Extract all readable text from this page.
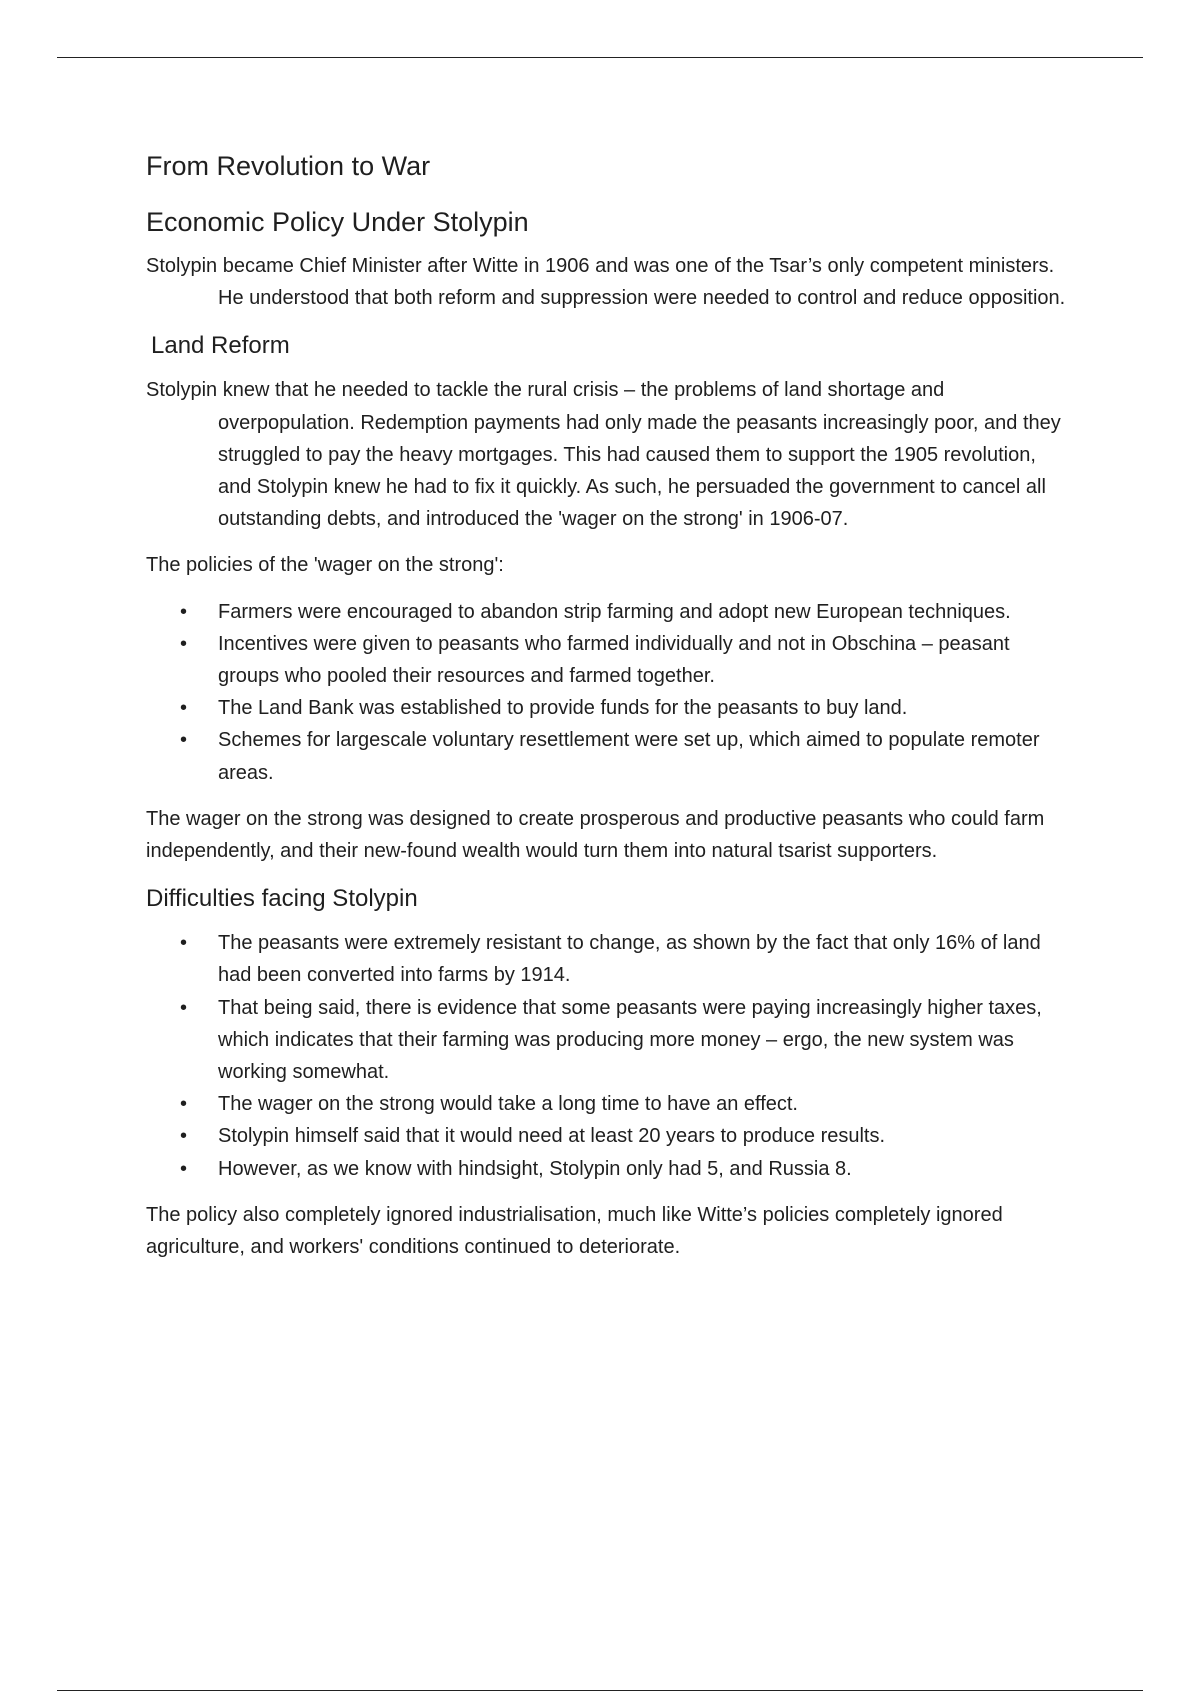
From Revolution to War
Economic Policy Under Stolypin

Stolypin became Chief Minister after Witte in 1906 and was one of the Tsar’s only competent ministers. He understood that both reform and suppression were needed to control and reduce opposition.

Land Reform

Stolypin knew that he needed to tackle the rural crisis – the problems of land shortage and overpopulation. Redemption payments had only made the peasants increasingly poor, and they struggled to pay the heavy mortgages. This had caused them to support the 1905 revolution, and Stolypin knew he had to fix it quickly. As such, he persuaded the government to cancel all outstanding debts, and introduced the 'wager on the strong' in 1906-07.

The policies of the 'wager on the strong':

• Farmers were encouraged to abandon strip farming and adopt new European techniques.
• Incentives were given to peasants who farmed individually and not in Obschina – peasant groups who pooled their resources and farmed together.
• The Land Bank was established to provide funds for the peasants to buy land.
• Schemes for largescale voluntary resettlement were set up, which aimed to populate remoter areas.

The wager on the strong was designed to create prosperous and productive peasants who could farm independently, and their new-found wealth would turn them into natural tsarist supporters.

Difficulties facing Stolypin
• The peasants were extremely resistant to change, as shown by the fact that only 16% of land had been converted into farms by 1914.
• That being said, there is evidence that some peasants were paying increasingly higher taxes, which indicates that their farming was producing more money – ergo, the new system was working somewhat.
• The wager on the strong would take a long time to have an effect.
• Stolypin himself said that it would need at least 20 years to produce results.
• However, as we know with hindsight, Stolypin only had 5, and Russia 8.

The policy also completely ignored industrialisation, much like Witte’s policies completely ignored agriculture, and workers' conditions continued to deteriorate.
